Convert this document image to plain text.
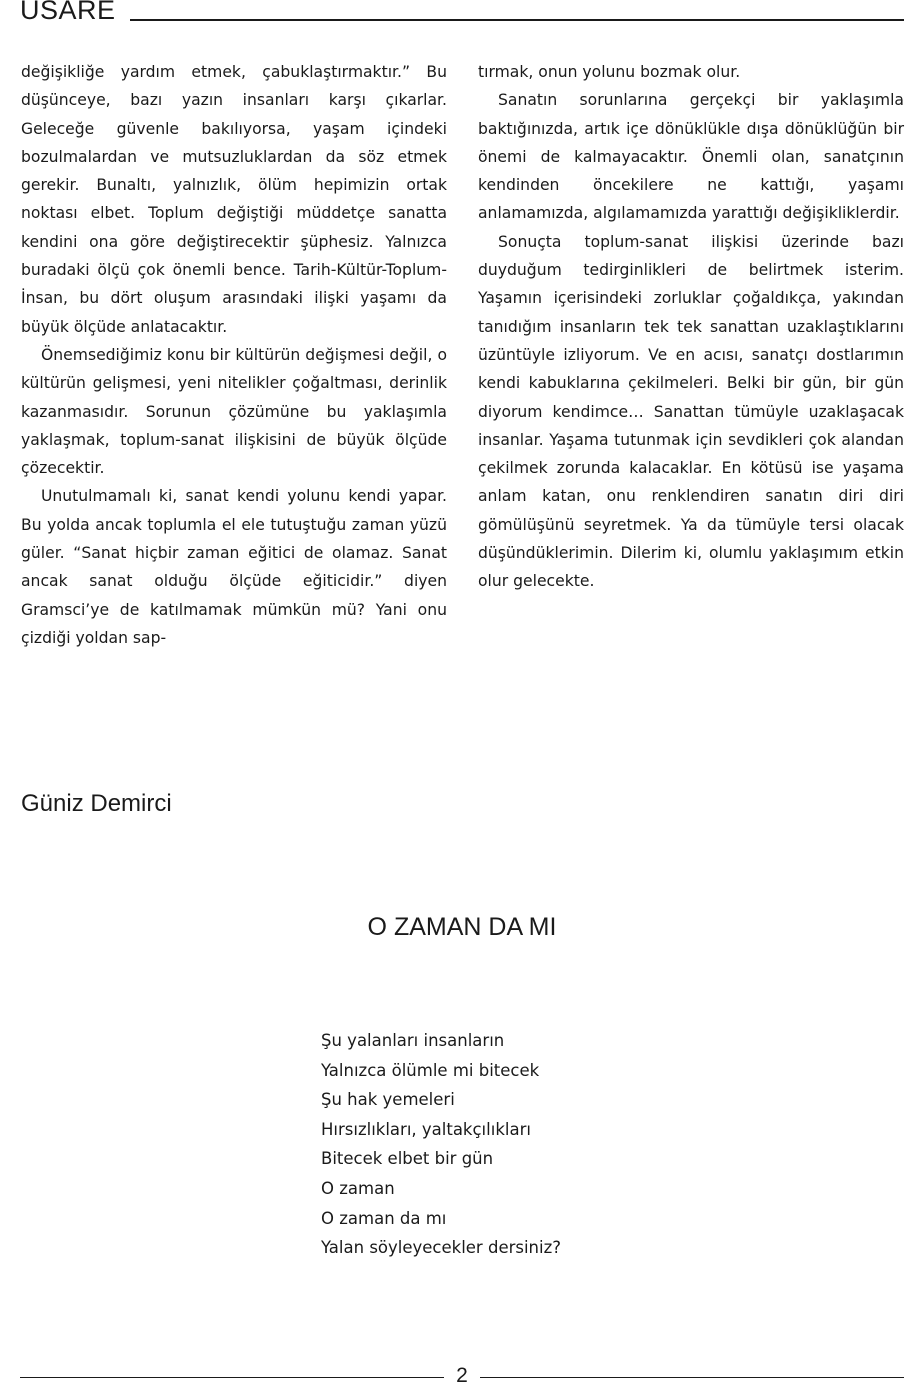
USARE

değişikliğe yardım etmek, çabuklaştırmaktır.” Bu düşünceye, bazı yazın insanları karşı çıkarlar. Geleceğe güvenle bakılıyorsa, yaşam içindeki bozulmalardan ve mutsuzluklardan da söz etmek gerekir. Bunaltı, yalnızlık, ölüm hepimizin ortak noktası elbet. Toplum değiştiği müddetçe sanatta kendini ona göre değiştirecektir şüphesiz. Yalnızca buradaki ölçü çok önemli bence. Tarih-Kültür-Toplum-İnsan, bu dört oluşum arasındaki ilişki yaşamı da büyük ölçüde anlatacaktır.

Önemsediğimiz konu bir kültürün değişmesi değil, o kültürün gelişmesi, yeni nitelikler çoğaltması, derinlik kazanmasıdır. Sorunun çözümüne bu yaklaşımla yaklaşmak, toplum-sanat ilişkisini de büyük ölçüde çözecektir.

Unutulmamalı ki, sanat kendi yolunu kendi yapar. Bu yolda ancak toplumla el ele tutuştuğu zaman yüzü güler. “Sanat hiçbir zaman eğitici de olamaz. Sanat ancak sanat olduğu ölçüde eğiticidir.” diyen Gramsci’ye de katılmamak mümkün mü? Yani onu çizdiği yoldan sap-

tırmak, onun yolunu bozmak olur.

Sanatın sorunlarına gerçekçi bir yaklaşımla baktığınızda, artık içe dönüklükle dışa dönüklüğün bir önemi de kalmayacaktır. Önemli olan, sanatçının kendinden öncekilere ne kattığı, yaşamı anlamamızda, algılamamızda yarattığı değişikliklerdir.

Sonuçta toplum-sanat ilişkisi üzerinde bazı duyduğum tedirginlikleri de belirtmek isterim. Yaşamın içerisindeki zorluklar çoğaldıkça, yakından tanıdığım insanların tek tek sanattan uzaklaştıklarını üzüntüyle izliyorum. Ve en acısı, sanatçı dostlarımın kendi kabuklarına çekilmeleri. Belki bir gün, bir gün diyorum kendimce… Sanattan tümüyle uzaklaşacak insanlar. Yaşama tutunmak için sevdikleri çok alandan çekilmek zorunda kalacaklar. En kötüsü ise yaşama anlam katan, onu renklendiren sanatın diri diri gömülüşünü seyretmek. Ya da tümüyle tersi olacak düşündüklerimin. Dilerim ki, olumlu yaklaşımım etkin olur gelecekte.

Güniz Demirci
O ZAMAN DA MI
Şu yalanları insanların
Yalnızca ölümle mi bitecek
Şu hak yemeleri
Hırsızlıkları, yaltakçılıkları
Bitecek elbet bir gün
O zaman
O zaman da mı
Yalan söyleyecekler dersiniz?
2
